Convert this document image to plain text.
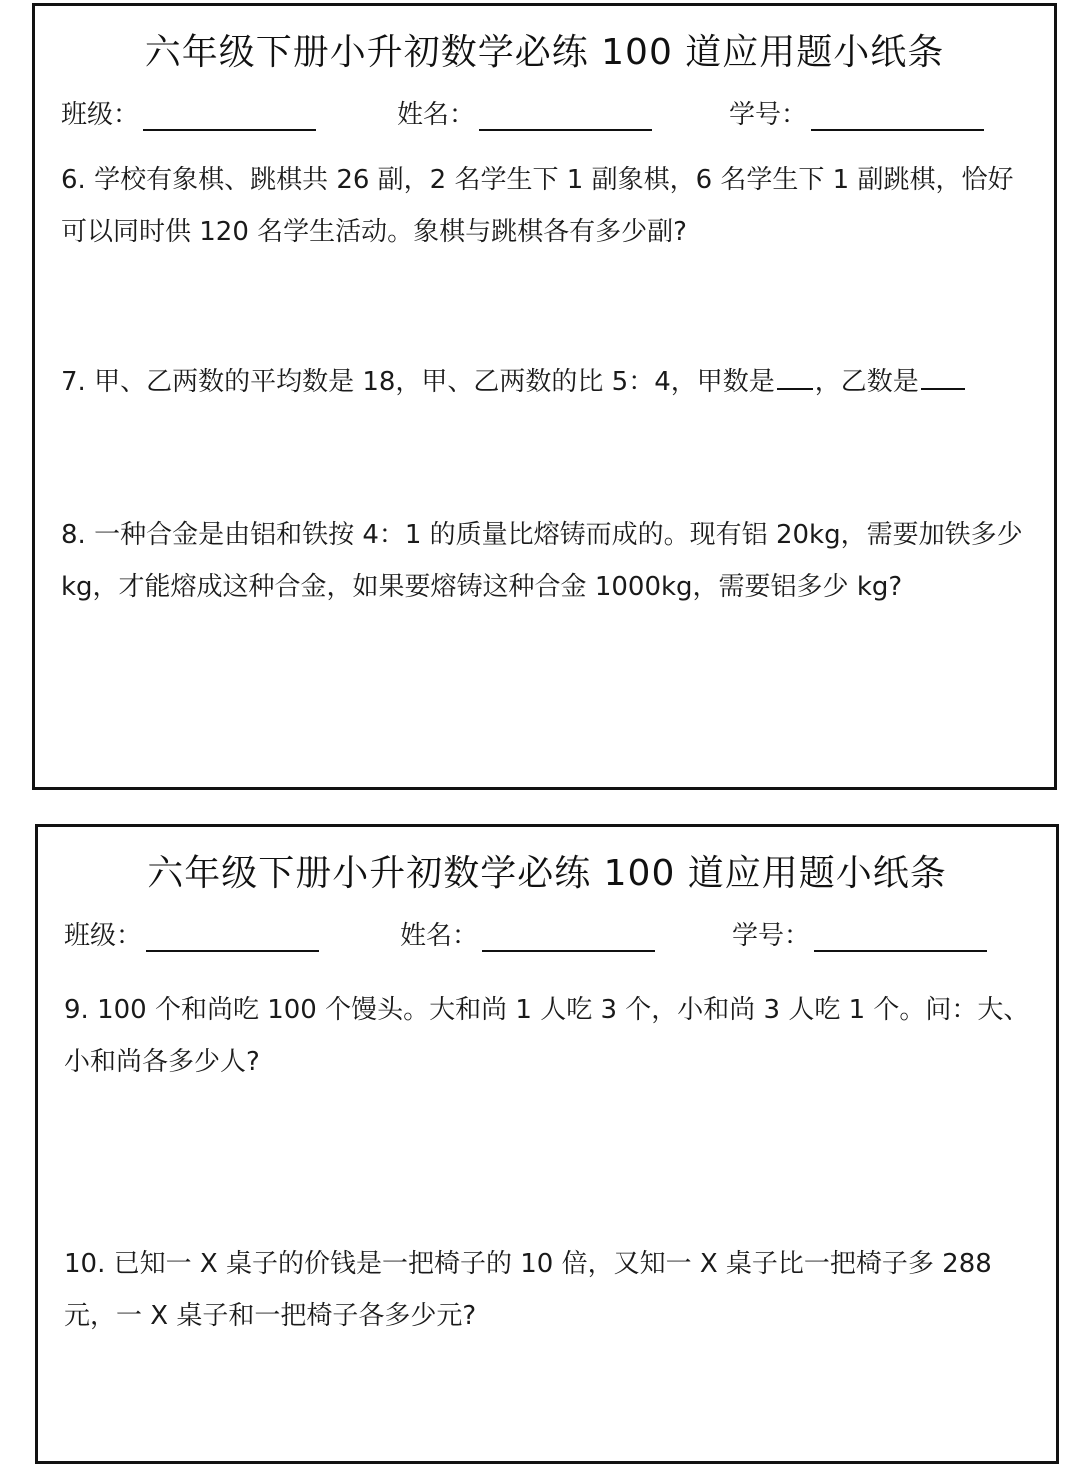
六年级下册小升初数学必练 100 道应用题小纸条
班级：	姓名：	学号：
6. 学校有象棋、跳棋共 26 副，2 名学生下 1 副象棋，6 名学生下 1 副跳棋，恰好可以同时供 120 名学生活动。象棋与跳棋各有多少副?
7. 甲、乙两数的平均数是 18，甲、乙两数的比 5：4，甲数是 ，乙数是
8. 一种合金是由铝和铁按 4：1 的质量比熔铸而成的。现有铝 20kg，需要加铁多少 kg，才能熔成这种合金，如果要熔铸这种合金 1000kg，需要铝多少 kg?
六年级下册小升初数学必练 100 道应用题小纸条
班级：	姓名：	学号：
9. 100 个和尚吃 100 个馒头。大和尚 1 人吃 3 个，小和尚 3 人吃 1 个。问：大、小和尚各多少人?
10. 已知一 X 桌子的价钱是一把椅子的 10 倍，又知一 X 桌子比一把椅子多 288 元，一 X 桌子和一把椅子各多少元?
